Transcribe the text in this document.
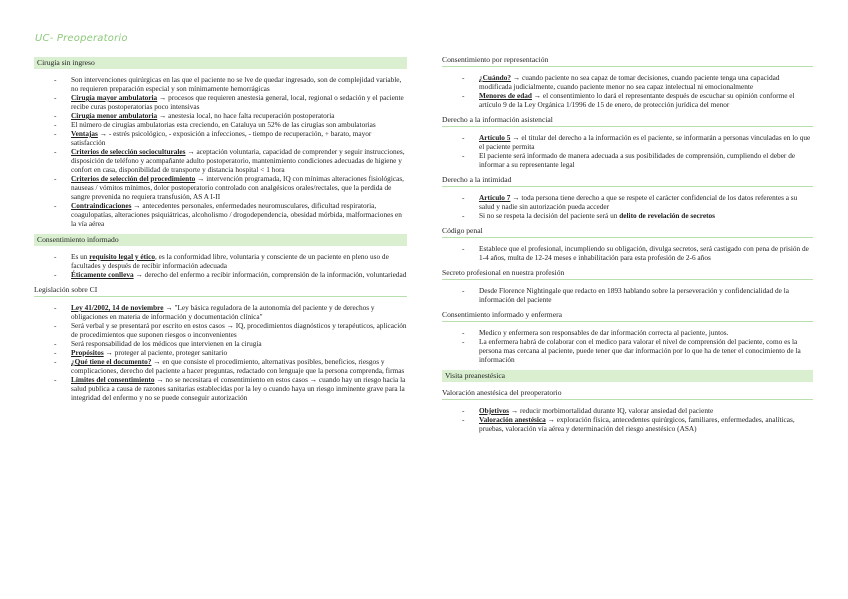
UC- Preoperatorio
Cirugía sin ingreso
- Son intervenciones quirúrgicas en las que el paciente no se lve de quedar ingresado, son de complejidad variable, no requieren preparación especial y son mínimamente hemorrágicas
- Cirugía mayor ambulatoria → procesos que requieren anestesia general, local, regional o sedación y el paciente recibe curas postoperatorias poco intensivas
- Cirugía menor ambulatoria → anestesia local, no hace falta recuperación postoperatoria
- El número de cirugías ambulatorias esta creciendo, en Cataluya un 52% de las cirugías son ambulatorias
- Ventajas → - estrés psicológico, - exposición a infecciones, - tiempo de recuperación, + barato, mayor satisfacción
- Criterios de selección socioculturales → aceptación voluntaria, capacidad de comprender y seguir instrucciones, disposición de teléfono y acompañante adulto postoperatorio, mantenimiento condiciones adecuadas de higiene y confort en casa, disponibilidad de transporte y distancia hospital < 1 hora
- Criterios de selección del procedimiento → intervención programada, IQ con mínimas alteraciones fisiológicas, nauseas / vómitos mínimos, dolor postoperatorio controlado con analgésicos orales/rectales, que la perdida de sangre prevenida no requiera transfusión, AS A I-II
- Contraindicaciones → antecedentes personales, enfermedades neuromusculares, dificultad respiratoria, coagulopatías, alteraciones psiquiátricas, alcoholismo / drogodependencia, obesidad mórbida, malformaciones en la vía aérea
Consentimiento informado
- Es un requisito legal y ético, es la conformidad libre, voluntaria y consciente de un paciente en pleno uso de facultades y después de recibir información adecuada
- Éticamente conlleva → derecho del enfermo a recibir información, comprensión de la información, voluntariedad
Legislación sobre CI
- Ley 41/2002, 14 de noviembre → "Ley básica reguladora de la autonomía del paciente y de derechos y obligaciones en materia de información y documentación clínica"
- Será verbal y se presentará por escrito en estos casos → IQ, procedimientos diagnósticos y terapéuticos, aplicación de procedimientos que suponen riesgos o inconvenientes
- Será responsabilidad de los médicos que intervienen en la cirugía
- Propósitos → proteger al paciente, proteger sanitario
- ¿Qué tiene el documento? → en que consiste el procedimiento, alternativas posibles, beneficios, riesgos y complicaciones, derecho del paciente a hacer preguntas, redactado con lenguaje que la persona comprenda, firmas
- Límites del consentimiento → no se necesitara el consentimiento en estos casos → cuando hay un riesgo hacia la salud publica a causa de razones sanitarias establecidas por la ley o cuando haya un riesgo inminente grave para la integridad del enfermo y no se puede conseguir autorización
Consentimiento por representación
- ¿Cuándo? → cuando paciente no sea capaz de tomar decisiones, cuando paciente tenga una capacidad modificada judicialmente, cuando paciente menor no sea capaz intelectual ni emocionalmente
- Menores de edad → el consentimiento lo dará el representante después de escuchar su opinión conforme el artículo 9 de la Ley Orgánica 1/1996 de 15 de enero, de protección jurídica del menor
Derecho a la información asistencial
- Artículo 5 → el titular del derecho a la información es el paciente, se informarán a personas vinculadas en lo que el paciente permita
- El paciente será informado de manera adecuada a sus posibilidades de comprensión, cumpliendo el deber de informar a su representante legal
Derecho a la intimidad
- Artículo 7 → toda persona tiene derecho a que se respete el carácter confidencial de los datos referentes a su salud y nadie sin autorización pueda acceder
- Si no se respeta la decisión del paciente será un delito de revelación de secretos
Código penal
- Establece que el profesional, incumpliendo su obligación, divulga secretos, será castigado con pena de prisión de 1-4 años, multa de 12-24 meses e inhabilitación para esta profesión de 2-6 años
Secreto profesional en nuestra profesión
- Desde Florence Nightingale que redacto en 1893 hablando sobre la perseveración y confidencialidad de la información del paciente
Consentimiento informado y enfermera
- Medico y enfermera son responsables de dar información correcta al paciente, juntos.
- La enfermera habrá de colaborar con el medico para valorar el nivel de comprensión del paciente, como es la persona mas cercana al paciente, puede tener que dar información por lo que ha de tener el conocimiento de la información
Visita preanestésica
Valoración anestésica del preoperatorio
- Objetivos → reducir morbimortalidad durante IQ, valorar ansiedad del paciente
- Valoración anestésica → exploración física, antecedentes quirúrgicos, familiares, enfermedades, analíticas, pruebas, valoración vía aérea y determinación del riesgo anestésico (ASA)
